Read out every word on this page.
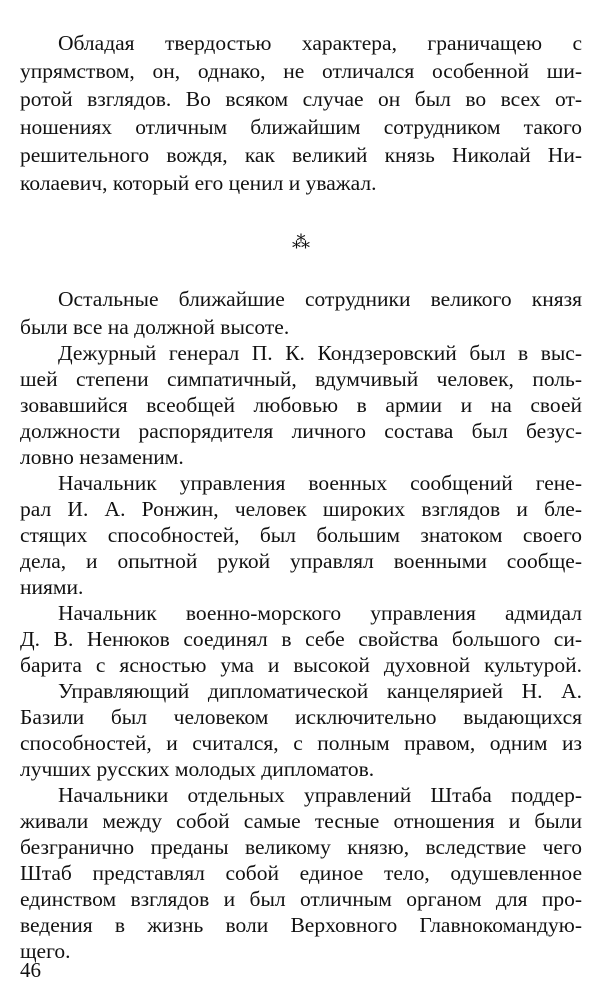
Обладая твердостью характера, граничащею с
упрямством, он, однако, не отличался особенной ши-
ротой взглядов. Во всяком случае он был во всех от-
ношениях отличным ближайшим сотрудником такого
решительного вождя, как великий князь Николай Ни-
колаевич, который его ценил и уважал.
⁂
Остальные ближайшие сотрудники великого князя
были все на должной высоте.
Дежурный генерал П. К. Кондзеровский был в выс-
шей степени симпатичный, вдумчивый человек, поль-
зовавшийся всеобщей любовью в армии и на своей
должности распорядителя личного состава был безус-
ловно незаменим.
Начальник управления военных сообщений гене-
рал И. А. Ронжин, человек широких взглядов и бле-
стящих способностей, был большим знатоком своего
дела, и опытной рукой управлял военными сообще-
ниями.
Начальник военно-морского управления адмидал
Д. В. Ненюков соединял в себе свойства большого си-
барита с ясностью ума и высокой духовной культурой.
Управляющий дипломатической канцелярией Н. А.
Базили был человеком исключительно выдающихся
способностей, и считался, с полным правом, одним из
лучших русских молодых дипломатов.
Начальники отдельных управлений Штаба поддер-
живали между собой самые тесные отношения и были
безгранично преданы великому князю, вследствие чего
Штаб представлял собой единое тело, одушевленное
единством взглядов и был отличным органом для про-
ведения в жизнь воли Верховного Главнокомандую-
щего.
46
